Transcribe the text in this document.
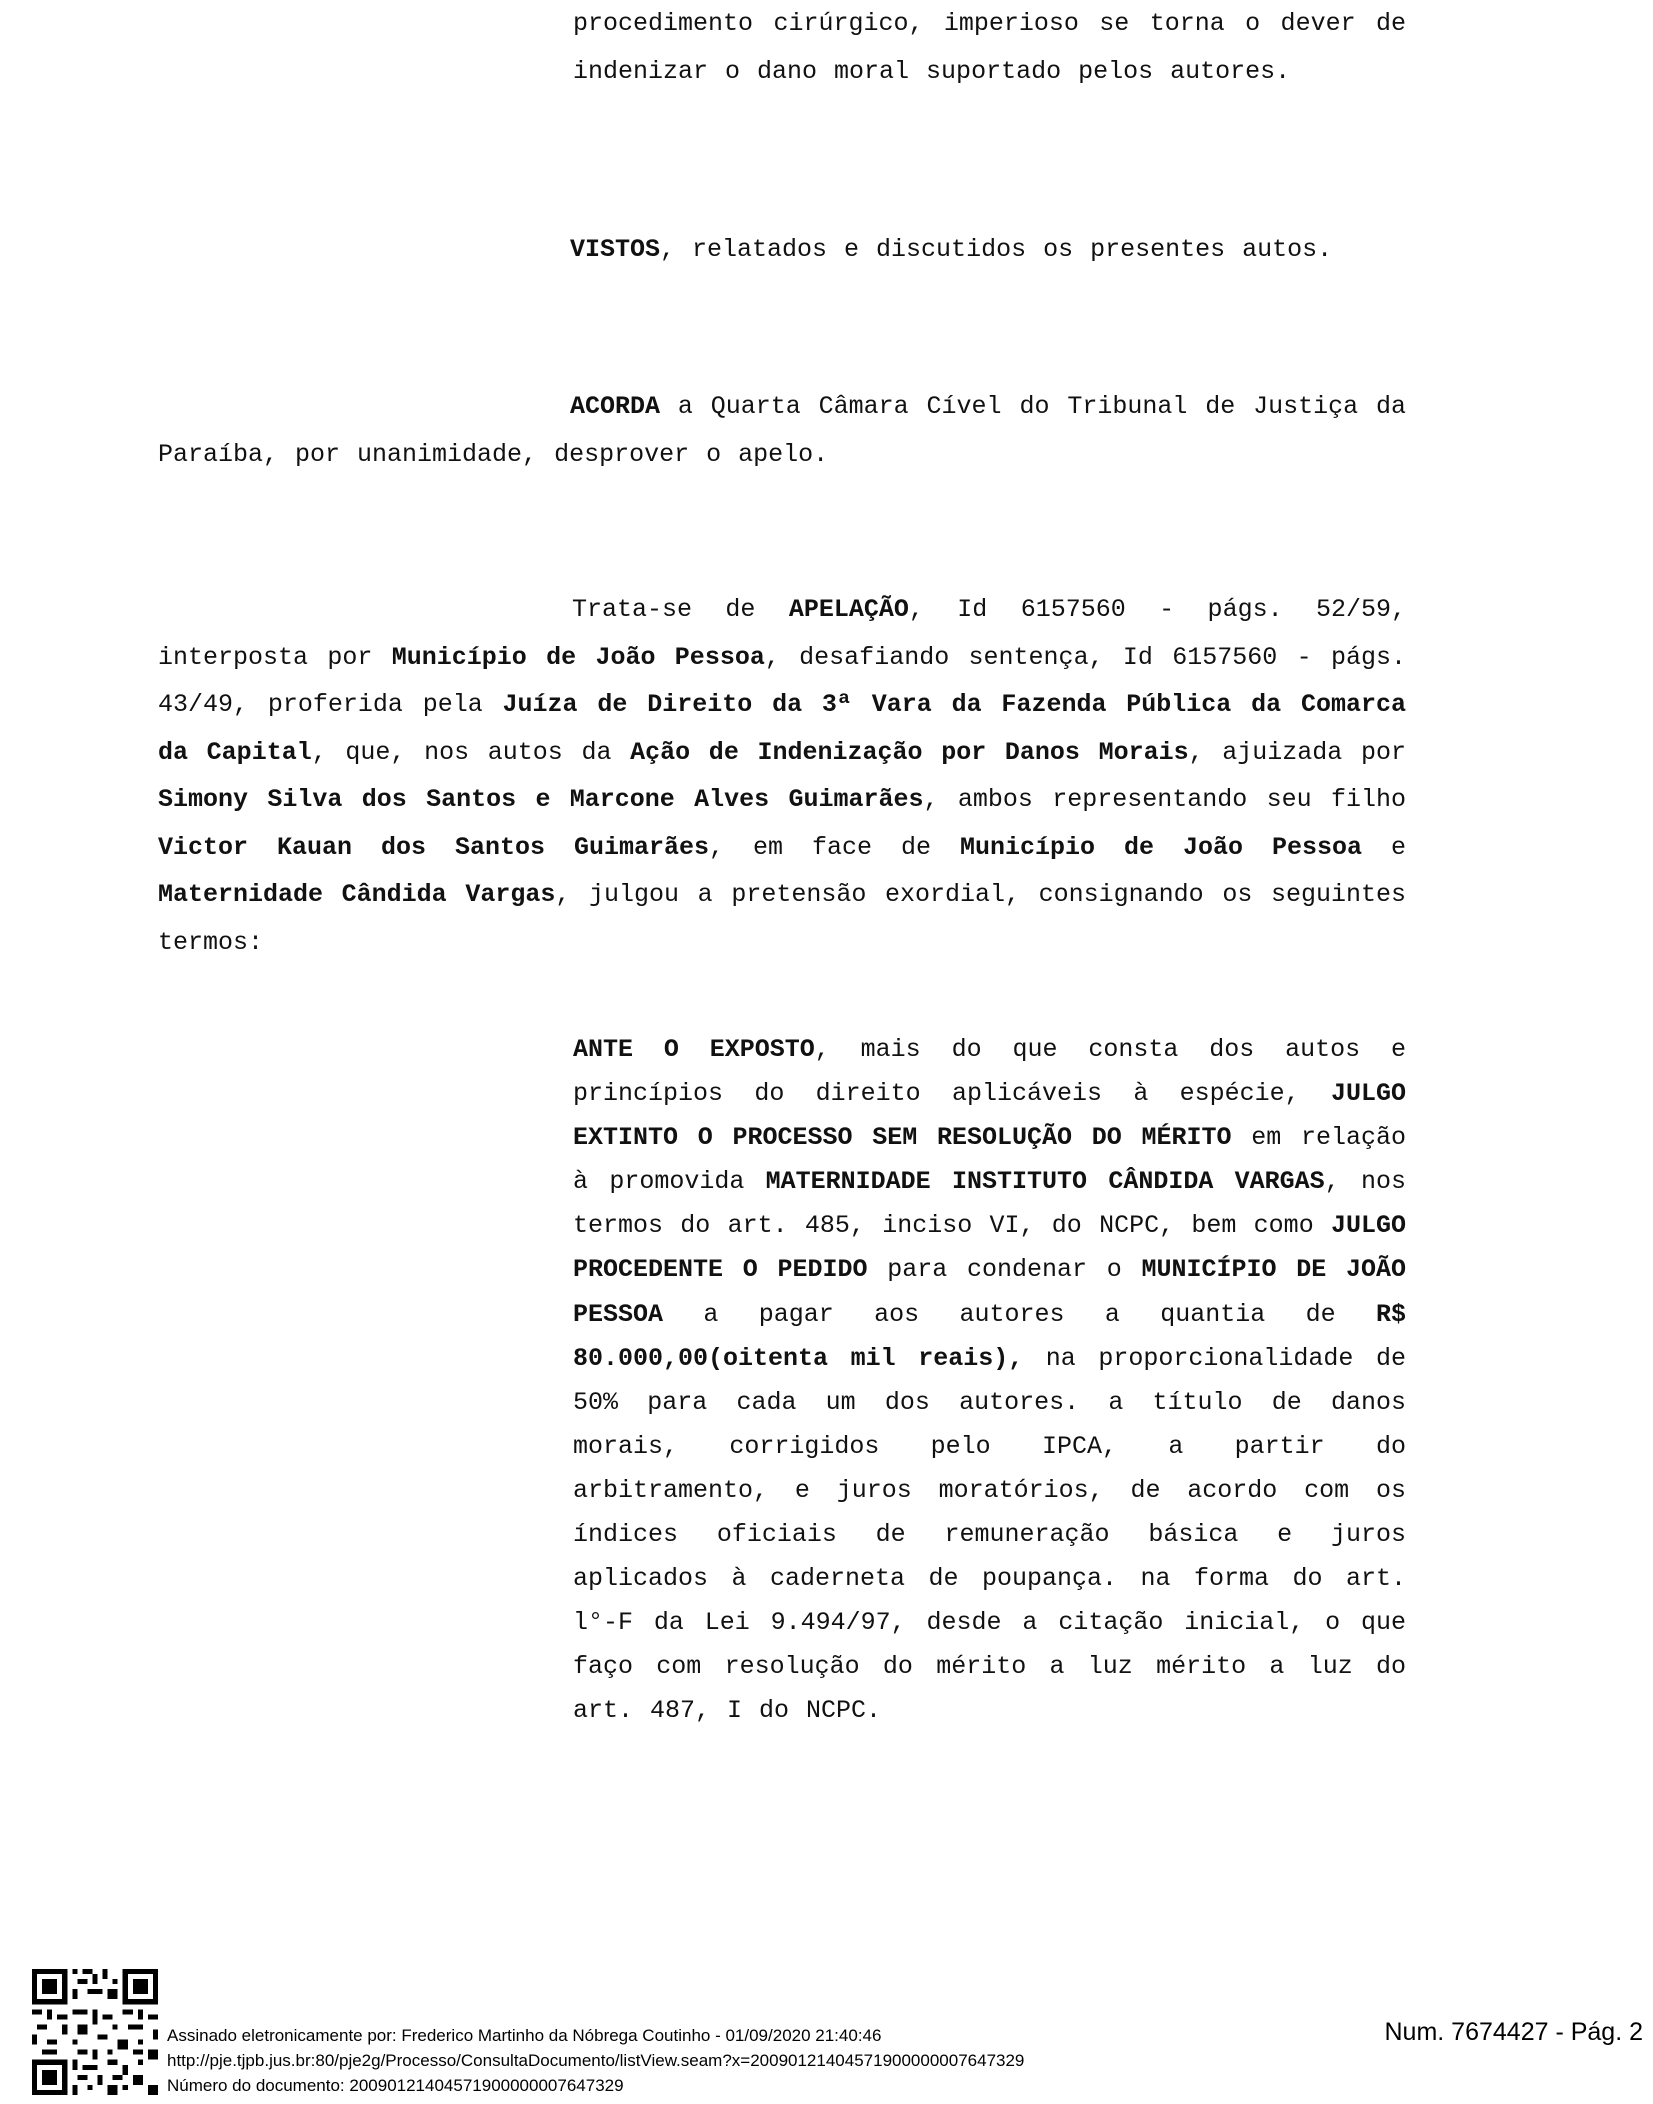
procedimento cirúrgico, imperioso se torna o dever de indenizar o dano moral suportado pelos autores.

VISTOS, relatados e discutidos os presentes autos.

ACORDA a Quarta Câmara Cível do Tribunal de Justiça da Paraíba, por unanimidade, desprover o apelo.

Trata-se de APELAÇÃO, Id 6157560 - págs. 52/59, interposta por Município de João Pessoa, desafiando sentença, Id 6157560 - págs. 43/49, proferida pela Juíza de Direito da 3ª Vara da Fazenda Pública da Comarca da Capital, que, nos autos da Ação de Indenização por Danos Morais, ajuizada por Simony Silva dos Santos e Marcone Alves Guimarães, ambos representando seu filho Victor Kauan dos Santos Guimarães, em face de Município de João Pessoa e Maternidade Cândida Vargas, julgou a pretensão exordial, consignando os seguintes termos:

ANTE O EXPOSTO, mais do que consta dos autos e princípios do direito aplicáveis à espécie, JULGO EXTINTO O PROCESSO SEM RESOLUÇÃO DO MÉRITO em relação à promovida MATERNIDADE INSTITUTO CÂNDIDA VARGAS, nos termos do art. 485, inciso VI, do NCPC, bem como JULGO PROCEDENTE O PEDIDO para condenar o MUNICÍPIO DE JOÃO PESSOA a pagar aos autores a quantia de R$ 80.000,00(oitenta mil reais), na proporcionalidade de 50% para cada um dos autores. a título de danos morais, corrigidos pelo IPCA, a partir do arbitramento, e juros moratórios, de acordo com os índices oficiais de remuneração básica e juros aplicados à caderneta de poupança. na forma do art. l°-F da Lei 9.494/97, desde a citação inicial, o que faço com resolução do mérito a luz mérito a luz do art. 487, I do NCPC.

Assinado eletronicamente por: Frederico Martinho da Nóbrega Coutinho - 01/09/2020 21:40:46
http://pje.tjpb.jus.br:80/pje2g/Processo/ConsultaDocumento/listView.seam?x=20090121404571900000007647329
Número do documento: 20090121404571900000007647329
Num. 7674427 - Pág. 2
